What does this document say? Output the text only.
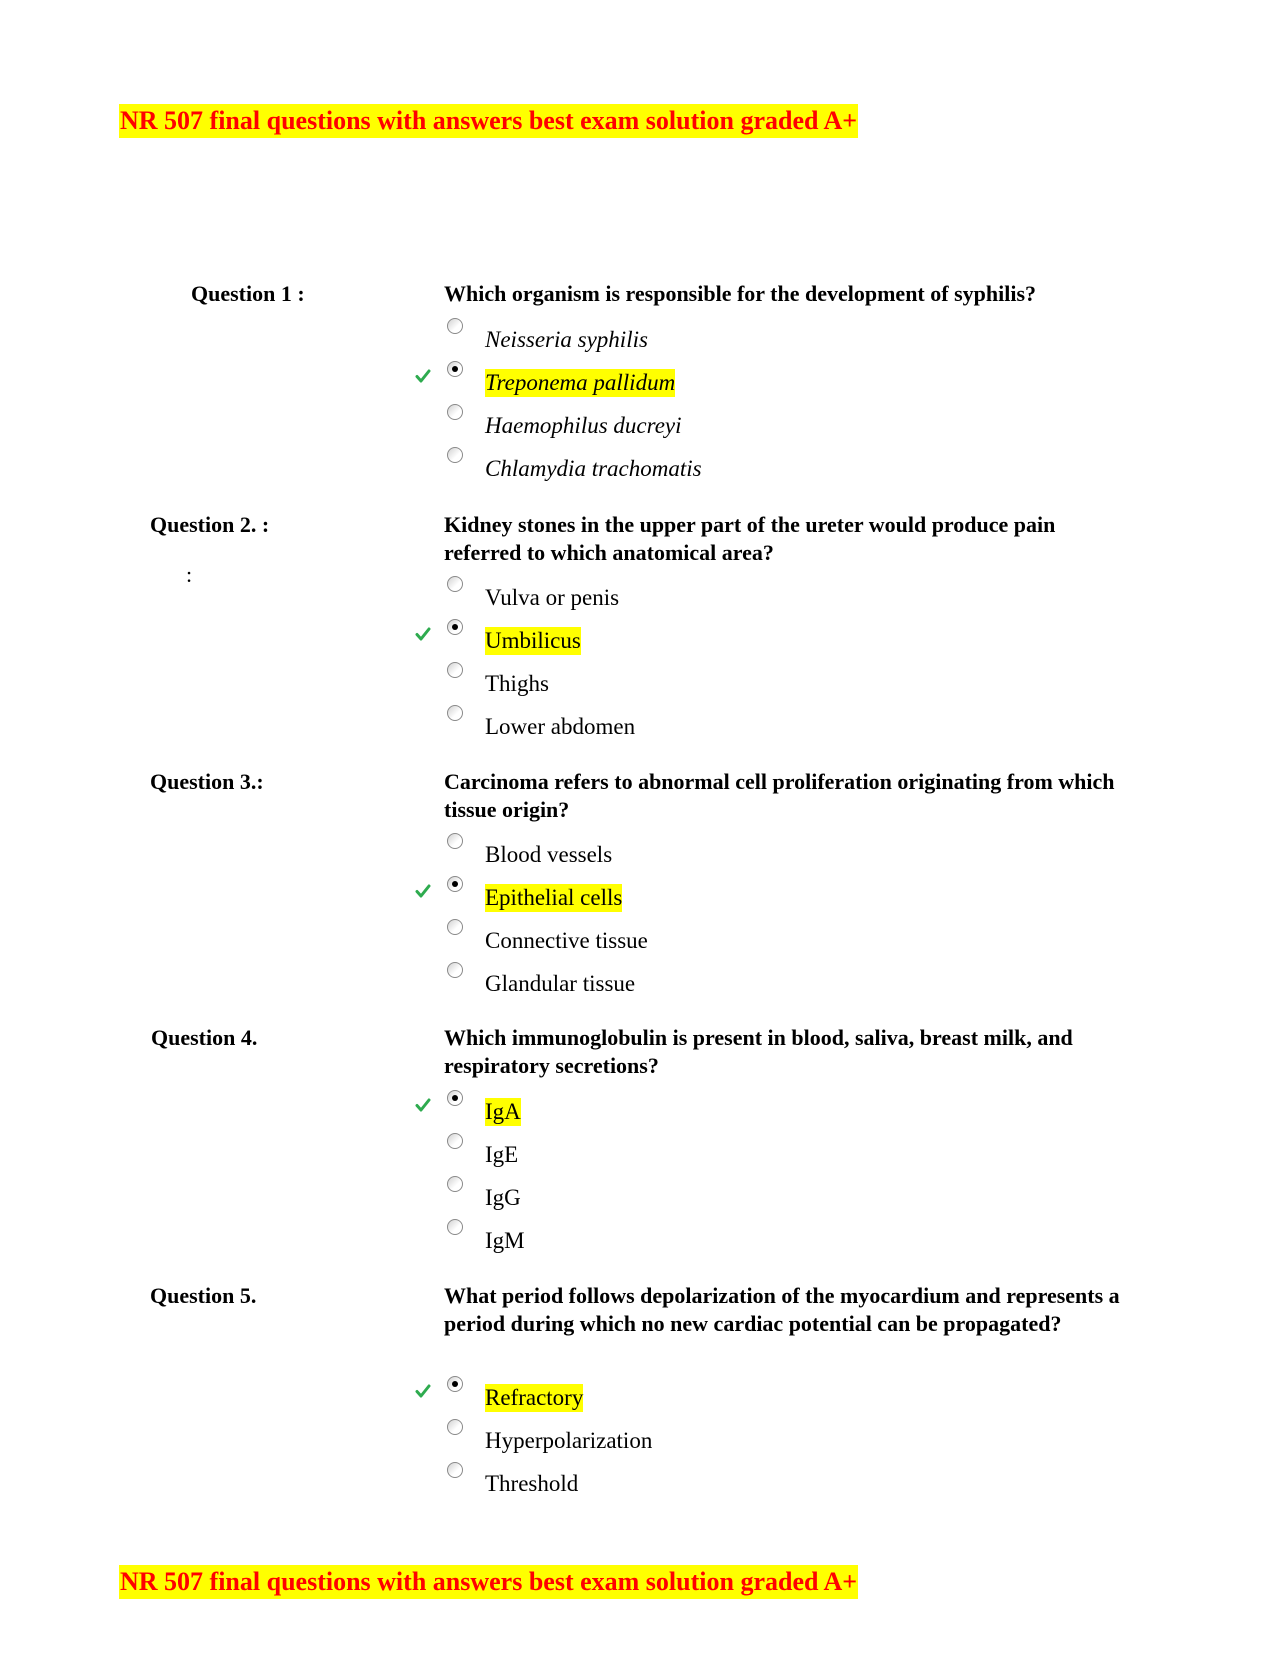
NR 507 final questions with answers best exam solution graded A+
Question 1 :	Which organism is responsible for the development of syphilis?
Neisseria syphilis
Treponema pallidum
Haemophilus ducreyi
Chlamydia trachomatis
Question 2. :
:
Kidney stones in the upper part of the ureter would produce pain referred to which anatomical area?
Vulva or penis
Umbilicus
Thighs
Lower abdomen
Question 3.:	Carcinoma refers to abnormal cell proliferation originating from which tissue origin?
Blood vessels
Epithelial cells
Connective tissue
Glandular tissue
Question 4.	Which immunoglobulin is present in blood, saliva, breast milk, and respiratory secretions?
IgA
IgE
IgG
IgM
Question 5.	What period follows depolarization of the myocardium and represents a period during which no new cardiac potential can be propagated?
Refractory
Hyperpolarization
Threshold
NR 507 final questions with answers best exam solution graded A+
